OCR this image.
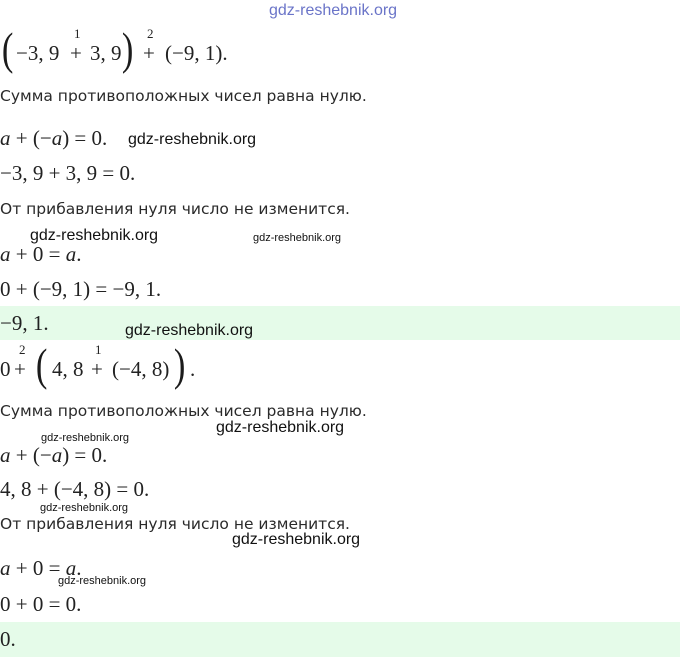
gdz-reshebnik.org
( −3, 9 +
1
3, 9 ) +
2
(−9, 1).
Сумма противоположных чисел равна нулю.
a + (−a) = 0. gdz-reshebnik.org
−3, 9 + 3, 9 = 0.
От прибавления нуля число не изменится.
gdz-reshebnik.org	gdz-reshebnik.org
a + 0 = a.
0 + (−9, 1) = −9, 1.
−9, 1.	gdz-reshebnik.org
0 +
2 ( 4, 8 +
1
(−4, 8) ) .
Сумма противоположных чисел равна нулю.
gdz-reshebnik.org
gdz-reshebnik.org
a + (−a) = 0.
4, 8 + (−4, 8) = 0.
gdz-reshebnik.org
От прибавления нуля число не изменится.
gdz-reshebnik.org
a + 0 = a.
gdz-reshebnik.org
0 + 0 = 0.
0.
